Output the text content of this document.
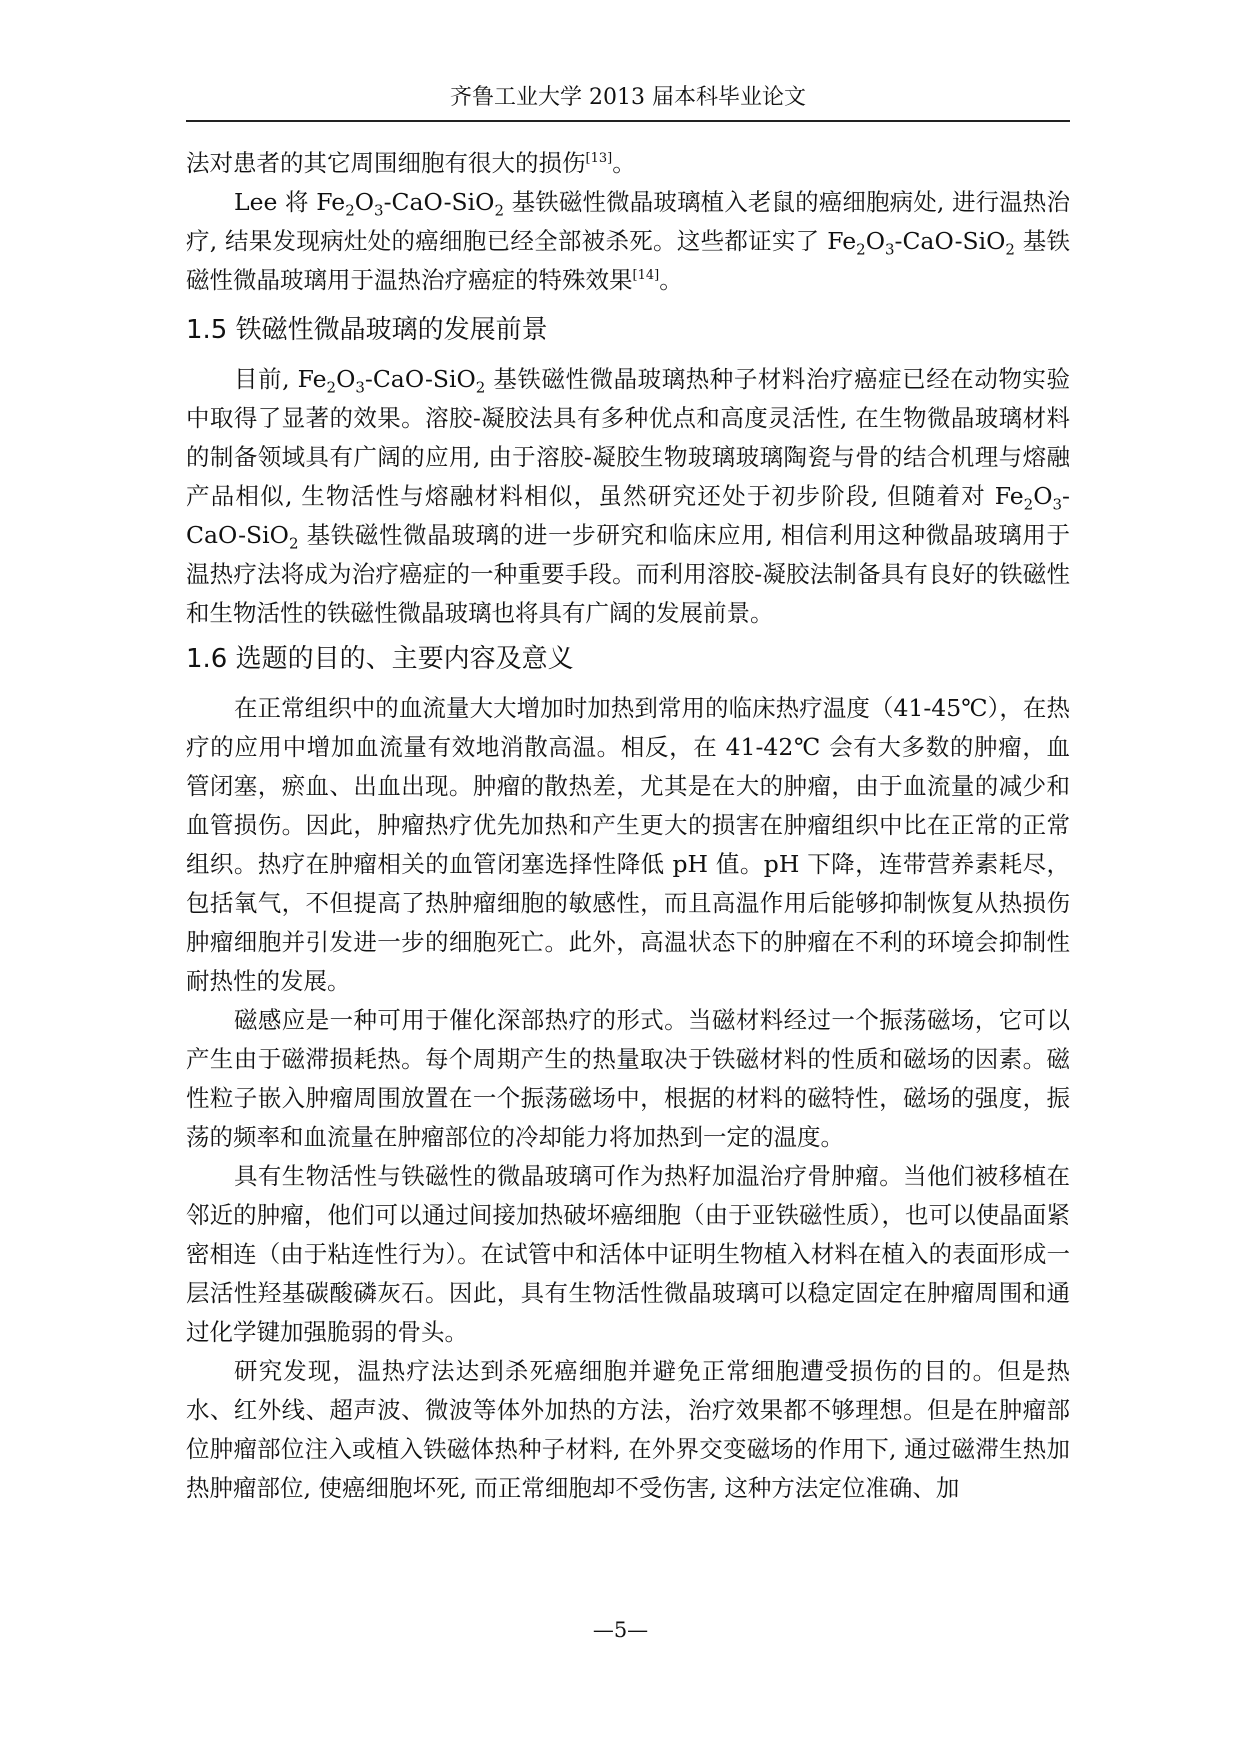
齐鲁工业大学 2013 届本科毕业论文

法对患者的其它周围细胞有很大的损伤[13]。

Lee 将 $Fe_2O_3-CaO-SiO_2$ 基铁磁性微晶玻璃植入老鼠的癌细胞病处, 进行温热治疗, 结果发现病灶处的癌细胞已经全部被杀死。这些都证实了 $Fe_2O_3-CaO-SiO_2$ 基铁磁性微晶玻璃用于温热治疗癌症的特殊效果[14]。

1.5 铁磁性微晶玻璃的发展前景

目前, $Fe_2O_3-CaO-SiO_2$ 基铁磁性微晶玻璃热种子材料治疗癌症已经在动物实验中取得了显著的效果。溶胶-凝胶法具有多种优点和高度灵活性, 在生物微晶玻璃材料的制备领域具有广阔的应用, 由于溶胶-凝胶生物玻璃玻璃陶瓷与骨的结合机理与熔融产品相似, 生物活性与熔融材料相似，虽然研究还处于初步阶段, 但随着对 $Fe_2O_3-CaO-SiO_2$ 基铁磁性微晶玻璃的进一步研究和临床应用, 相信利用这种微晶玻璃用于温热疗法将成为治疗癌症的一种重要手段。而利用溶胶-凝胶法制备具有良好的铁磁性和生物活性的铁磁性微晶玻璃也将具有广阔的发展前景。

1.6 选题的目的、主要内容及意义

在正常组织中的血流量大大增加时加热到常用的临床热疗温度（41-45℃），在热疗的应用中增加血流量有效地消散高温。相反，在 41-42℃ 会有大多数的肿瘤，血管闭塞，瘀血、出血出现。肿瘤的散热差，尤其是在大的肿瘤，由于血流量的减少和血管损伤。因此，肿瘤热疗优先加热和产生更大的损害在肿瘤组织中比在正常的正常组织。热疗在肿瘤相关的血管闭塞选择性降低 pH 值。pH 下降，连带营养素耗尽，包括氧气，不但提高了热肿瘤细胞的敏感性，而且高温作用后能够抑制恢复从热损伤肿瘤细胞并引发进一步的细胞死亡。此外，高温状态下的肿瘤在不利的环境会抑制性耐热性的发展。

磁感应是一种可用于催化深部热疗的形式。当磁材料经过一个振荡磁场，它可以产生由于磁滞损耗热。每个周期产生的热量取决于铁磁材料的性质和磁场的因素。磁性粒子嵌入肿瘤周围放置在一个振荡磁场中，根据的材料的磁特性，磁场的强度，振荡的频率和血流量在肿瘤部位的冷却能力将加热到一定的温度。

具有生物活性与铁磁性的微晶玻璃可作为热籽加温治疗骨肿瘤。当他们被移植在邻近的肿瘤，他们可以通过间接加热破坏癌细胞（由于亚铁磁性质），也可以使晶面紧密相连（由于粘连性行为）。在试管中和活体中证明生物植入材料在植入的表面形成一层活性羟基碳酸磷灰石。因此，具有生物活性微晶玻璃可以稳定固定在肿瘤周围和通过化学键加强脆弱的骨头。

研究发现，温热疗法达到杀死癌细胞并避免正常细胞遭受损伤的目的。但是热水、红外线、超声波、微波等体外加热的方法，治疗效果都不够理想。但是在肿瘤部位肿瘤部位注入或植入铁磁体热种子材料, 在外界交变磁场的作用下, 通过磁滞生热加热肿瘤部位, 使癌细胞坏死, 而正常细胞却不受伤害, 这种方法定位准确、加

—5—
